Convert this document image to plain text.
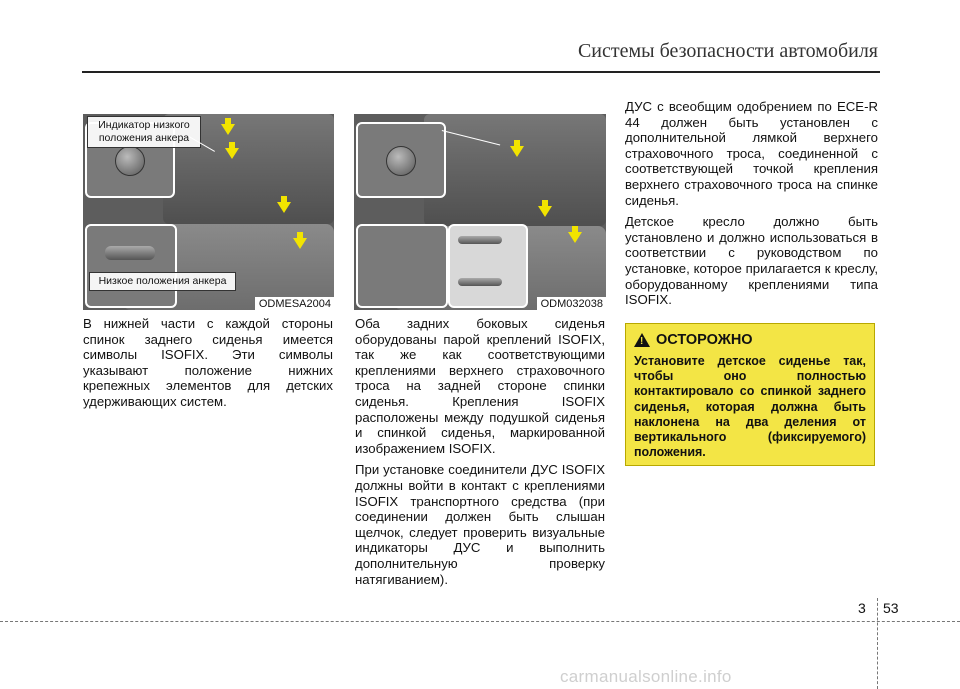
Системы безопасности автомобиля
Индикатор низкого положения анкера
Низкое положения анкера
ODMESA2004	ODM032038

В нижней части с каждой стороны спинок заднего сиденья имеется символы ISOFIX. Эти символы указывают положение нижних крепежных элементов для детских удерживающих систем.

Оба задних боковых сиденья оборудованы парой креплений ISOFIX, так же как соответствующими креплениями верхнего страховочного троса на задней стороне спинки сиденья. Крепления ISOFIX расположены между подушкой сиденья и спинкой сиденья, маркированной изображением ISOFIX.

При установке соединители ДУС ISOFIX должны войти в контакт с креплениями ISOFIX транспортного средства (при соединении должен быть слышан щелчок, следует проверить визуальные индикаторы ДУС и выполнить дополнительную проверку натягиванием).

ДУС с всеобщим одобрением по ECE-R 44 должен быть установлен с дополнительной лямкой верхнего страховочного троса, соединенной с соответствующей точкой крепления верхнего страховочного троса на спинке сиденья.

Детское кресло должно быть установлено и должно использоваться в соответствии с руководством по установке, которое прилагается к креслу, оборудованному креплениями типа ISOFIX.

! ОСТОРОЖНО
Установите детское сиденье так, чтобы оно полностью контактировало со спинкой заднего сиденья, которая должна быть наклонена на два деления от вертикального (фиксируемого) положения.
3 53
carmanualsonline.info
